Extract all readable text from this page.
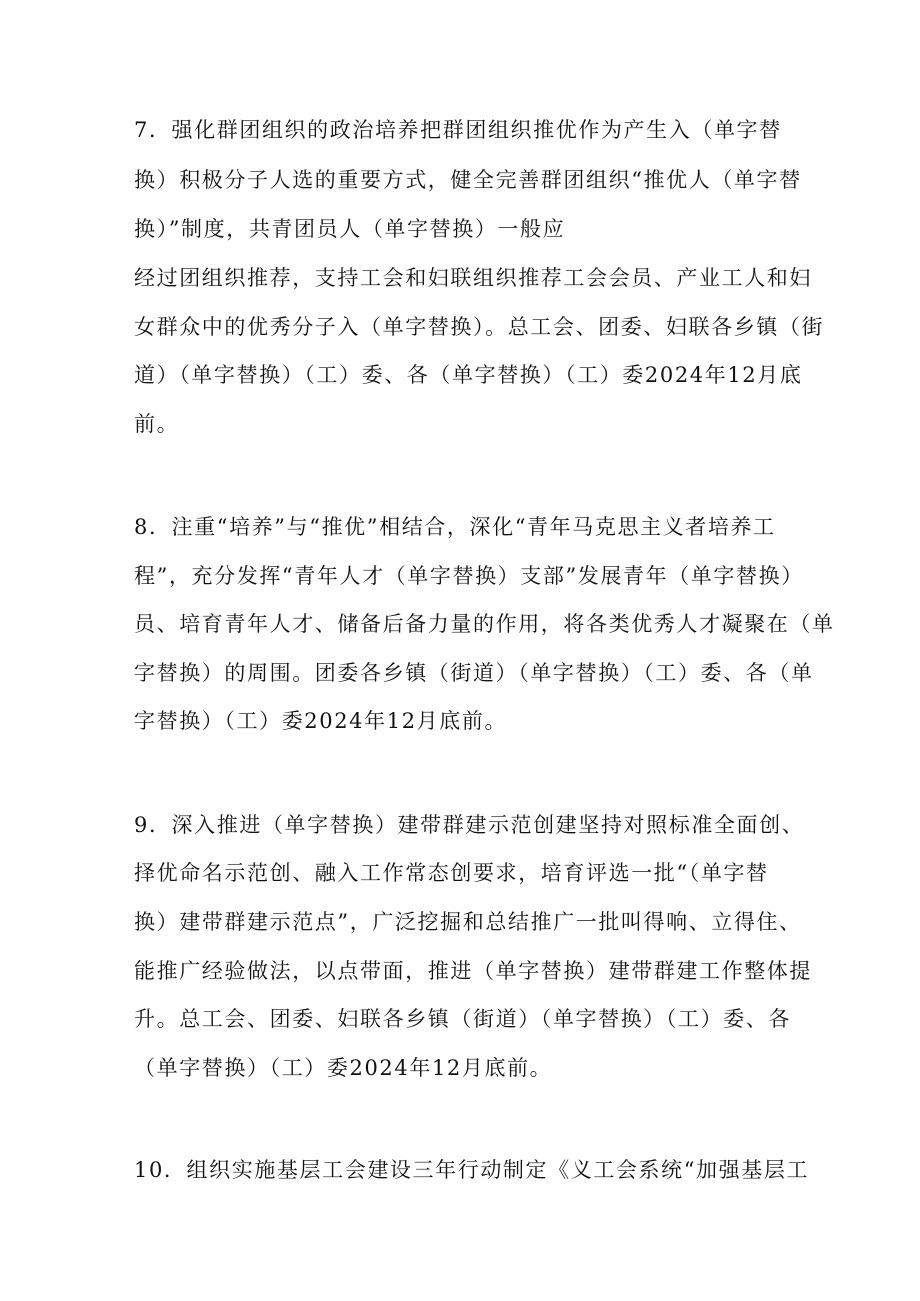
7．强化群团组织的政治培养把群团组织推优作为产生入（单字替
换）积极分子人选的重要方式，健全完善群团组织“推优人（单字替
换）”制度，共青团员人（单字替换）一般应
经过团组织推荐，支持工会和妇联组织推荐工会会员、产业工人和妇
女群众中的优秀分子入（单字替换）。总工会、团委、妇联各乡镇（街
道）（单字替换）（工）委、各（单字替换）（工）委2024年12月底
前。
8．注重“培养”与“推优”相结合，深化“青年马克思主义者培养工
程”，充分发挥“青年人才（单字替换）支部”发展青年（单字替换）
员、培育青年人才、储备后备力量的作用，将各类优秀人才凝聚在（单
字替换）的周围。团委各乡镇（街道）（单字替换）（工）委、各（单
字替换）（工）委2024年12月底前。
9．深入推进（单字替换）建带群建示范创建坚持对照标准全面创、
择优命名示范创、融入工作常态创要求，培育评选一批“（单字替
换）建带群建示范点”，广泛挖掘和总结推广一批叫得响、立得住、
能推广经验做法，以点带面，推进（单字替换）建带群建工作整体提
升。总工会、团委、妇联各乡镇（街道）（单字替换）（工）委、各
（单字替换）（工）委2024年12月底前。
10．组织实施基层工会建设三年行动制定《义工会系统“加强基层工
